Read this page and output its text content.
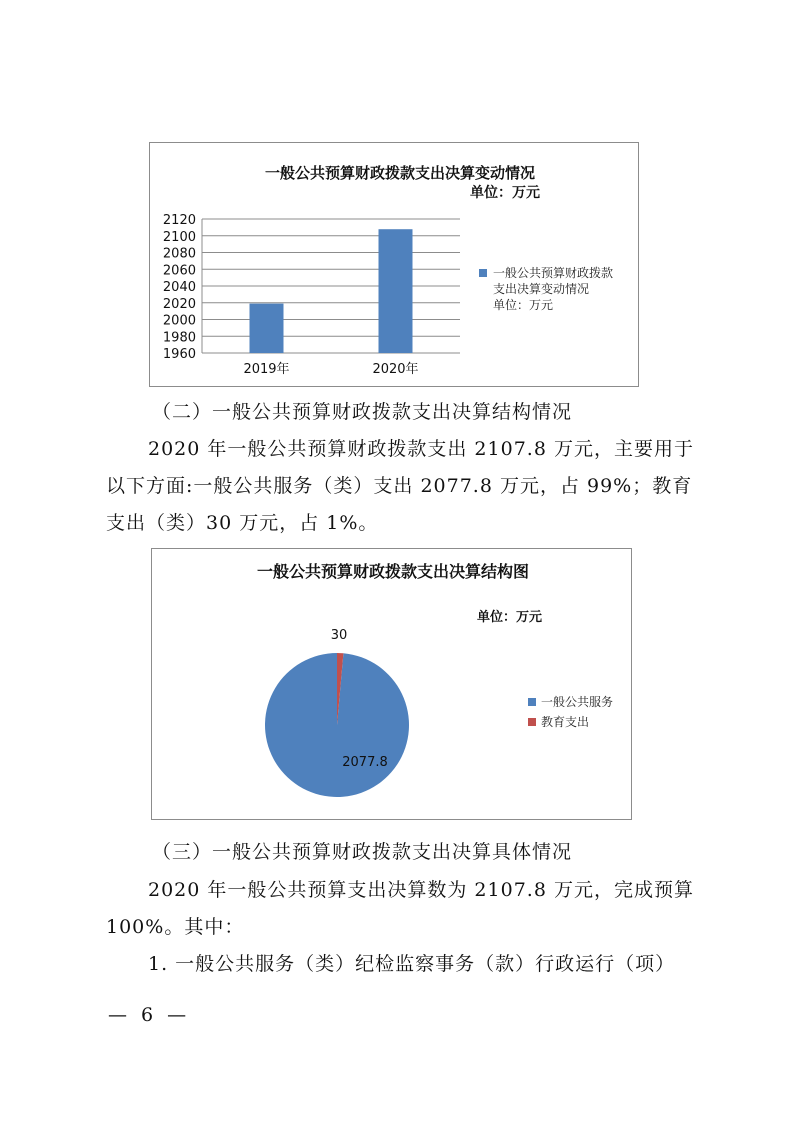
一般公共预算财政拨款支出决算变动情况
单位：万元
1960
1980
2000
2020
2040
2060
2080
2100
2120
2019年	2020年
一般公共预算财政拨款
支出决算变动情况
单位：万元

（二）一般公共预算财政拨款支出决算结构情况

2020 年一般公共预算财政拨款支出 2107.8 万元，主要用于

以下方面:一般公共服务（类）支出 2077.8 万元，占 99%；教育

支出（类）30 万元，占 1%。

一般公共预算财政拨款支出决算结构图
单位：万元
2077.8
30
一般公共服务
教育支出

（三）一般公共预算财政拨款支出决算具体情况

2020 年一般公共预算支出决算数为 2107.8 万元，完成预算

100%。其中：

1. 一般公共服务（类）纪检监察事务（款）行政运行（项）

— 6 —
